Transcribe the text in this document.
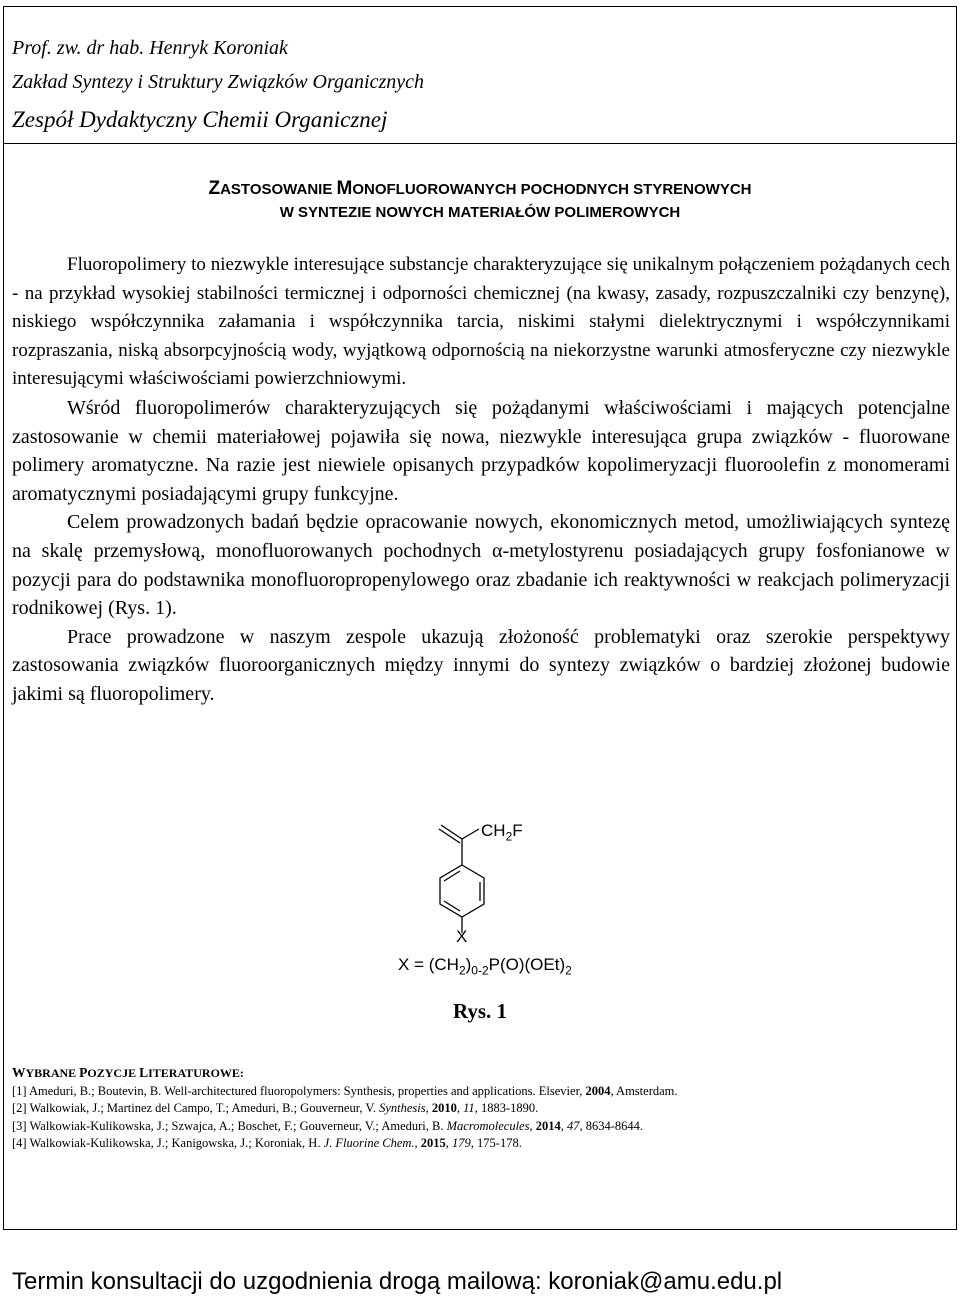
Prof. zw. dr hab. Henryk Koroniak
Zakład Syntezy i Struktury Związków Organicznych
Zespół Dydaktyczny Chemii Organicznej
ZASTOSOWANIE MONOFLUOROWANYCH POCHODNYCH STYRENOWYCH
W SYNTEZIE NOWYCH MATERIAŁÓW POLIMEROWYCH

Fluoropolimery to niezwykle interesujące substancje charakteryzujące się unikalnym połączeniem pożądanych cech - na przykład wysokiej stabilności termicznej i odporności chemicznej (na kwasy, zasady, rozpuszczalniki czy benzynę), niskiego współczynnika załamania i współczynnika tarcia, niskimi stałymi dielektrycznymi i współczynnikami rozpraszania, niską absorpcyjnością wody, wyjątkową odpornością na niekorzystne warunki atmosferyczne czy niezwykle interesującymi właściwościami powierzchniowymi.

Wśród fluoropolimerów charakteryzujących się pożądanymi właściwościami i mających potencjalne zastosowanie w chemii materiałowej pojawiła się nowa, niezwykle interesująca grupa związków - fluorowane polimery aromatyczne. Na razie jest niewiele opisanych przypadków kopolimeryzacji fluoroolefin z monomerami aromatycznymi posiadającymi grupy funkcyjne.

Celem prowadzonych badań będzie opracowanie nowych, ekonomicznych metod, umożliwiających syntezę na skalę przemysłową, monofluorowanych pochodnych α-metylostyrenu posiadających grupy fosfonianowe w pozycji para do podstawnika monofluoropropenylowego oraz zbadanie ich reaktywności w reakcjach polimeryzacji rodnikowej (Rys. 1).

Prace prowadzone w naszym zespole ukazują złożoność problematyki oraz szerokie perspektywy zastosowania związków fluoroorganicznych między innymi do syntezy związków o bardziej złożonej budowie jakimi są fluoropolimery.

$CH_2F$
X
$X = (CH_2)_{0-2}P(O)(OEt)_2$
Rys. 1
WYBRANE POZYCJE LITERATUROWE:
[1] Ameduri, B.; Boutevin, B. Well-architectured fluoropolymers: Synthesis, properties and applications. Elsevier, 2004, Amsterdam.
[2] Walkowiak, J.; Martinez del Campo, T.; Ameduri, B.; Gouverneur, V. Synthesis, 2010, 11, 1883-1890.
[3] Walkowiak-Kulikowska, J.; Szwajca, A.; Boschet, F.; Gouverneur, V.; Ameduri, B. Macromolecules, 2014, 47, 8634-8644.
[4] Walkowiak-Kulikowska, J.; Kanigowska, J.; Koroniak, H. J. Fluorine Chem., 2015, 179, 175-178.
Termin konsultacji do uzgodnienia drogą mailową: koroniak@amu.edu.pl
